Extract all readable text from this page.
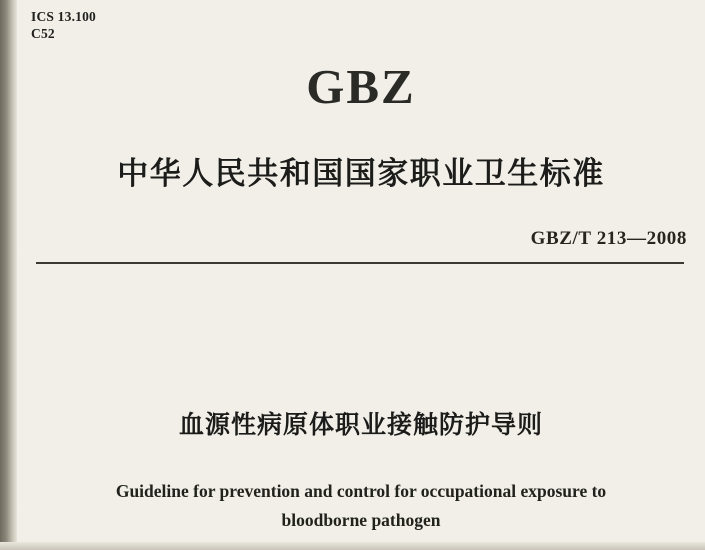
ICS 13.100
C52
GBZ
中华人民共和国国家职业卫生标准
GBZ/T 213—2008
血源性病原体职业接触防护导则
Guideline for prevention and control for occupational exposure to
bloodborne pathogen
